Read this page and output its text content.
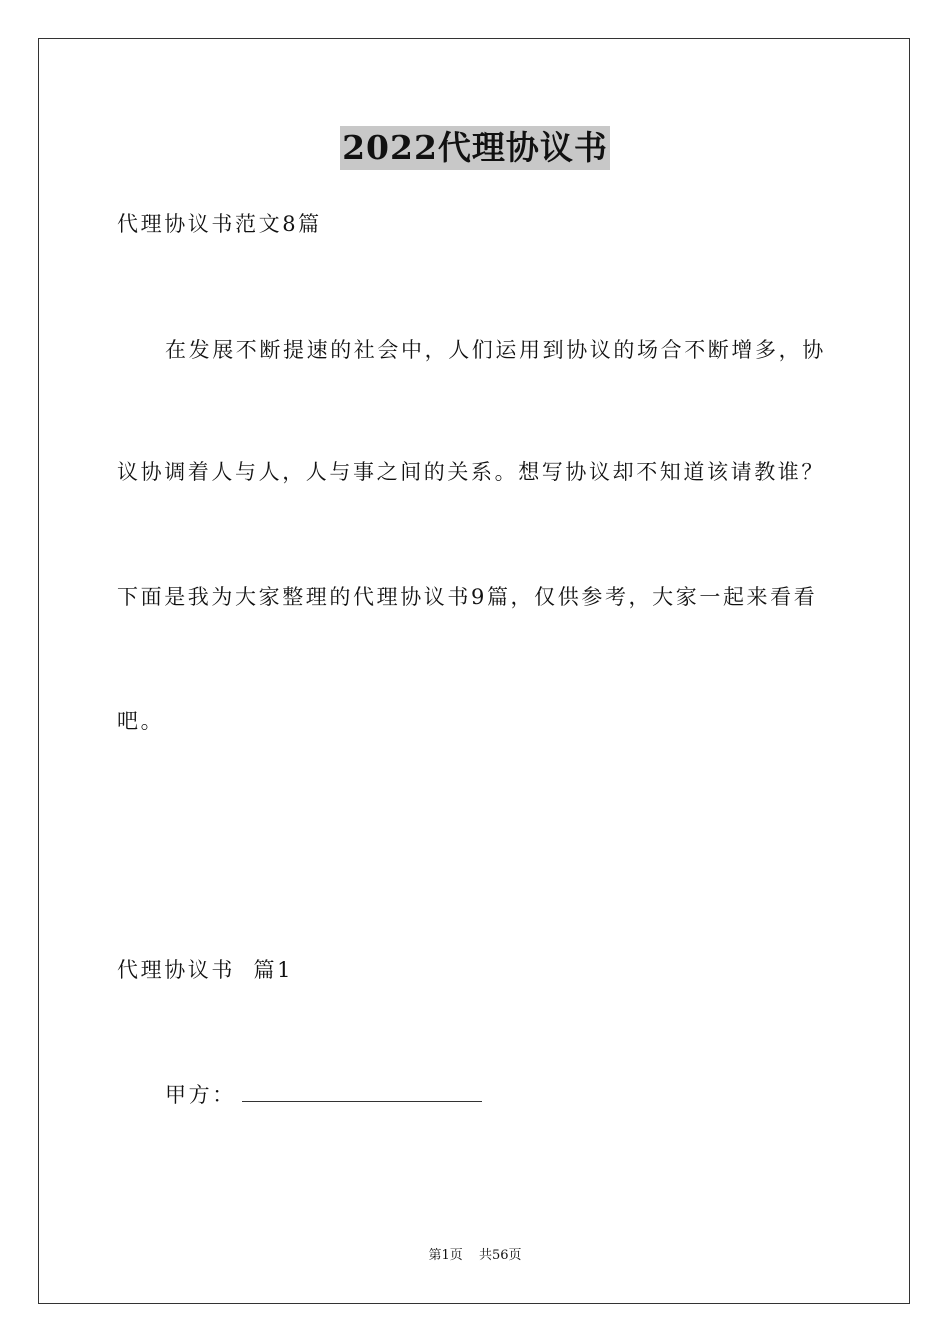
2022代理协议书
代理协议书范文8篇
在发展不断提速的社会中，人们运用到协议的场合不断增多，协
议协调着人与人，人与事之间的关系。想写协议却不知道该请教谁？
下面是我为大家整理的代理协议书9篇，仅供参考，大家一起来看看
吧。
代理协议书  篇1
甲方：
第1页 共56页
